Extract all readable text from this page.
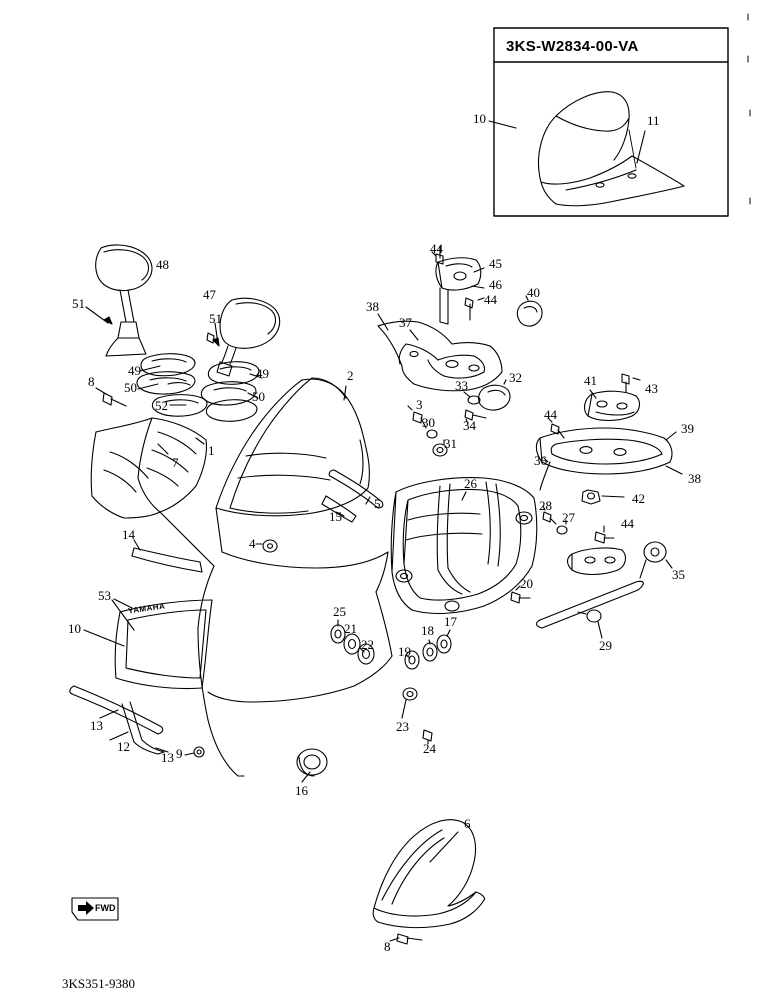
3KS-W2834-00-VA
10	11
YAMAHA
3KS351-9380
FWD
48
51
47
51
38
44
45
46
44 40
37
49
50
52
49
50
8	2
33
32
34
41
43
3
30
31
44
39
36
38
7
1
5
15
26
42
28
27	44
14
4
20
35
53
10
25
21
22
18
17
19	29
13
12
13 9
23
24
16
6
8
